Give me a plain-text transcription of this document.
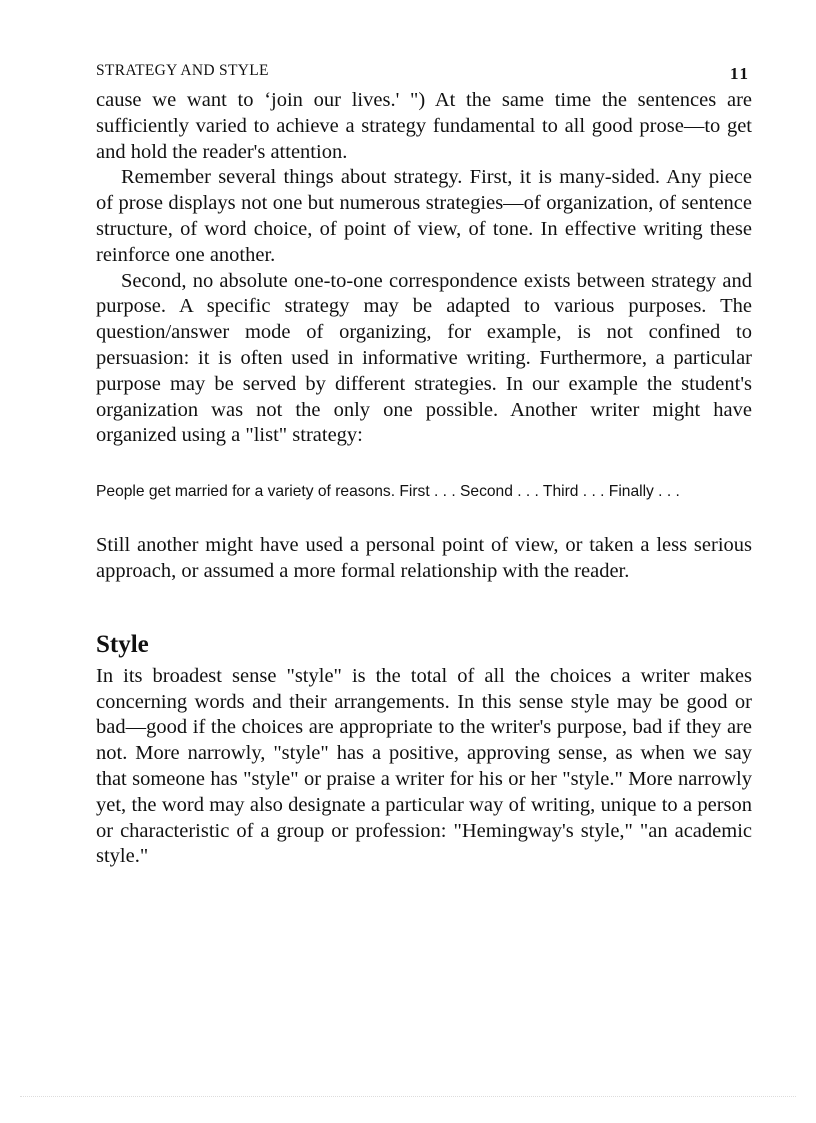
STRATEGY AND STYLE	11

cause we want to ‘join our lives.' ") At the same time the sentences are sufficiently varied to achieve a strategy fundamental to all good prose—to get and hold the reader's attention.

Remember several things about strategy. First, it is many-sided. Any piece of prose displays not one but numerous strategies—of organization, of sentence structure, of word choice, of point of view, of tone. In effective writing these reinforce one another.

Second, no absolute one-to-one correspondence exists between strategy and purpose. A specific strategy may be adapted to various purposes. The question/answer mode of organizing, for example, is not confined to persuasion: it is often used in informative writing. Furthermore, a particular purpose may be served by different strategies. In our example the student's organization was not the only one possible. Another writer might have organized using a "list" strategy:

People get married for a variety of reasons. First . . . Second . . . Third . . . Finally . . .

Still another might have used a personal point of view, or taken a less serious approach, or assumed a more formal relationship with the reader.

Style

In its broadest sense "style" is the total of all the choices a writer makes concerning words and their arrangements. In this sense style may be good or bad—good if the choices are appropriate to the writer's purpose, bad if they are not. More narrowly, "style" has a positive, approving sense, as when we say that someone has "style" or praise a writer for his or her "style." More narrowly yet, the word may also designate a particular way of writing, unique to a person or characteristic of a group or profession: "Hemingway's style," "an academic style."
